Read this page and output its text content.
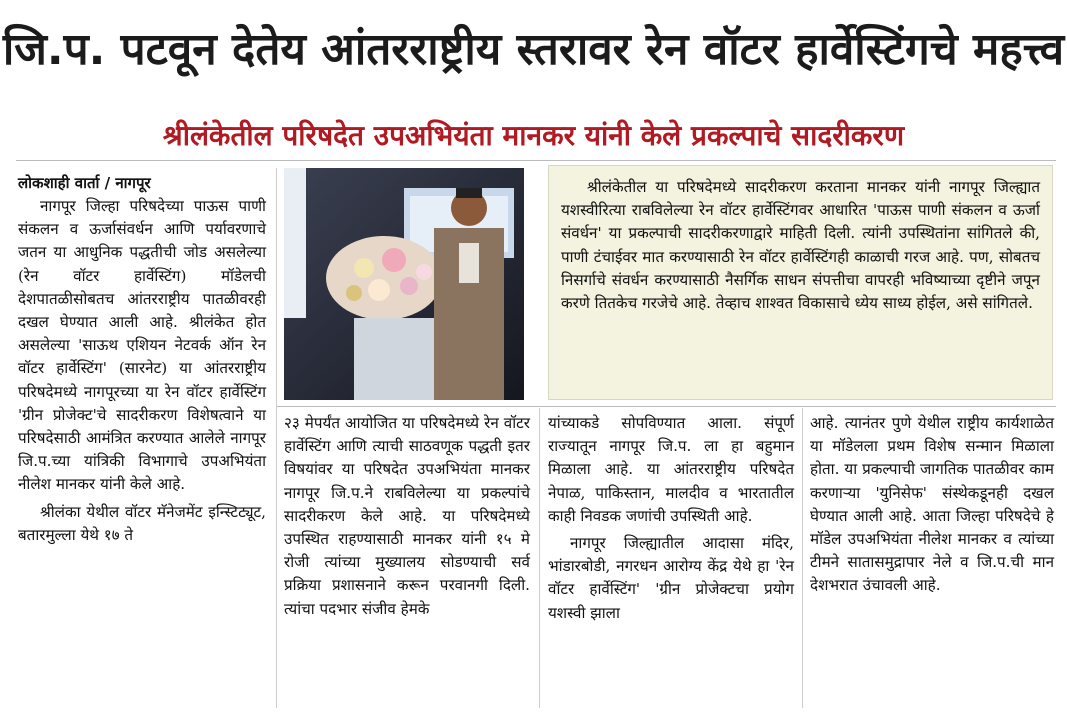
जि.प. पटवून देतेय आंतरराष्ट्रीय स्तरावर रेन वॉटर हार्वेस्टिंगचे महत्त्व
श्रीलंकेतील परिषदेत उपअभियंता मानकर यांनी केले प्रकल्पाचे सादरीकरण
लोकशाही वार्ता / नागपूर

नागपूर जिल्हा परिषदेच्या पाऊस पाणी संकलन व ऊर्जासंवर्धन आणि पर्यावरणाचे जतन या आधुनिक पद्धतीची जोड असलेल्या (रेन वॉटर हार्वेस्टिंग) मॉडेलची देशपातळीसोबतच आंतरराष्ट्रीय पातळीवरही दखल घेण्यात आली आहे. श्रीलंकेत होत असलेल्या 'साऊथ एशियन नेटवर्क ऑन रेन वॉटर हार्वेस्टिंग' (सारनेट) या आंतरराष्ट्रीय परिषदेमध्ये नागपूरच्या या रेन वॉटर हार्वेस्टिंग 'ग्रीन प्रोजेक्ट'चे सादरीकरण विशेषत्वाने या परिषदेसाठी आमंत्रित करण्यात आलेले नागपूर जि.प.च्या यांत्रिकी विभागाचे उपअभियंता नीलेश मानकर यांनी केले आहे.

श्रीलंका येथील वॉटर मॅनेजमेंट इन्स्टिट्यूट, बतारमुल्ला येथे १७ ते

श्रीलंकेतील या परिषदेमध्ये सादरीकरण करताना मानकर यांनी नागपूर जिल्ह्यात यशस्वीरित्या राबविलेल्या रेन वॉटर हार्वेस्टिंगवर आधारित 'पाऊस पाणी संकलन व ऊर्जा संवर्धन' या प्रकल्पाची सादरीकरणाद्वारे माहिती दिली. त्यांनी उपस्थितांना सांगितले की, पाणी टंचाईवर मात करण्यासाठी रेन वॉटर हार्वेस्टिंगही काळाची गरज आहे. पण, सोबतच निसर्गाचे संवर्धन करण्यासाठी नैसर्गिक साधन संपत्तीचा वापरही भविष्याच्या दृष्टीने जपून करणे तितकेच गरजेचे आहे. तेव्हाच शाश्वत विकासाचे ध्येय साध्य होईल, असे सांगितले.

२३ मेपर्यंत आयोजित या परिषदेमध्ये रेन वॉटर हार्वेस्टिंग आणि त्याची साठवणूक पद्धती इतर विषयांवर या परिषदेत उपअभियंता मानकर नागपूर जि.प.ने राबविलेल्या या प्रकल्पांचे सादरीकरण केले आहे. या परिषदेमध्ये उपस्थित राहण्यासाठी मानकर यांनी १५ मे रोजी त्यांच्या मुख्यालय सोडण्याची सर्व प्रक्रिया प्रशासनाने करून परवानगी दिली. त्यांचा पदभार संजीव हेमके

यांच्याकडे सोपविण्यात आला. संपूर्ण राज्यातून नागपूर जि.प. ला हा बहुमान मिळाला आहे. या आंतरराष्ट्रीय परिषदेत नेपाळ, पाकिस्तान, मालदीव व भारतातील काही निवडक जणांची उपस्थिती आहे.

नागपूर जिल्ह्यातील आदासा मंदिर, भांडारबोडी, नगरधन आरोग्य केंद्र येथे हा 'रेन वॉटर हार्वेस्टिंग' 'ग्रीन प्रोजेक्टचा प्रयोग यशस्वी झाला

आहे. त्यानंतर पुणे येथील राष्ट्रीय कार्यशाळेत या मॉडेलला प्रथम विशेष सन्मान मिळाला होता. या प्रकल्पाची जागतिक पातळीवर काम करणाऱ्या 'युनिसेफ' संस्थेकडूनही दखल घेण्यात आली आहे. आता जिल्हा परिषदेचे हे मॉडेल उपअभियंता नीलेश मानकर व त्यांच्या टीमने सातासमुद्रापार नेले व जि.प.ची मान देशभरात उंचावली आहे.
